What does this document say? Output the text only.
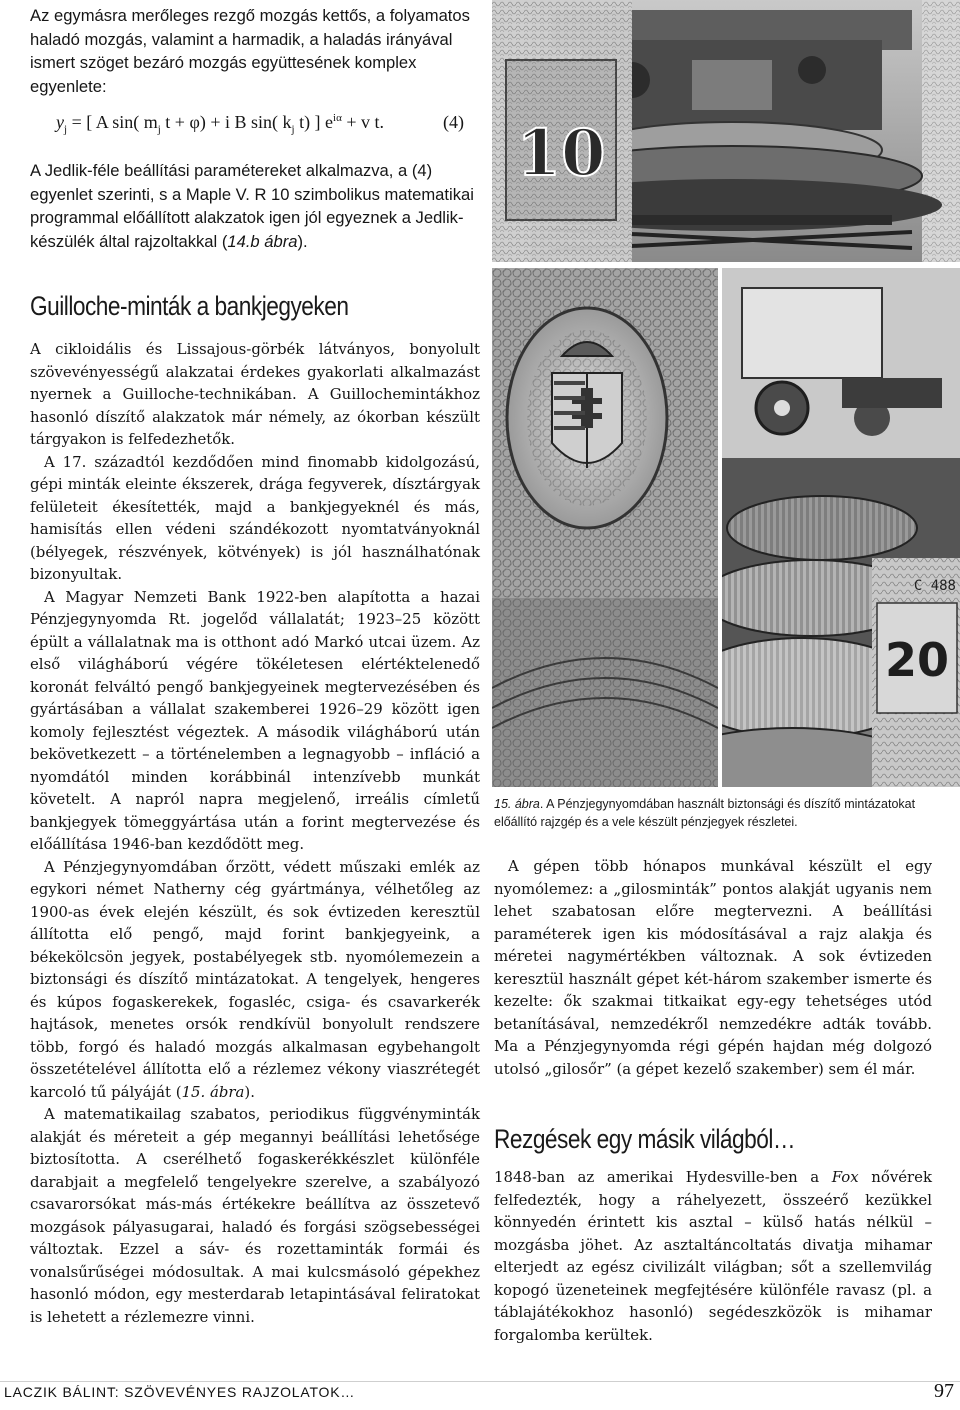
Az egymásra merőleges rezgő mozgás kettős, a folyamatos haladó mozgás, valamint a harmadik, a haladás irányával ismert szöget bezáró mozgás együttesének komplex egyenlete:

$y_j$ = [ A sin( $m_j$ t + φ) + i B sin( $k_j$ t) ] $e^{i\alpha} + v$ t.	(4)

A Jedlik-féle beállítási paramétereket alkalmazva, a (4) egyenlet szerinti, s a Maple V. R 10 szimbolikus matematikai programmal előállított alakzatok igen jól egyeznek a Jedlik-készülék által rajzoltakkal (14.b ábra).

Guilloche-minták a bankjegyeken

A cikloidális és Lissajous-görbék látványos, bonyolult szövevényességű alakzatai érdekes gyakorlati alkalmazást nyernek a Guilloche-technikában. A Guillochemintákhoz hasonló díszítő alakzatok már némely, az ókorban készült tárgyakon is felfedezhetők.

A 17. századtól kezdődően mind finomabb kidolgozású, gépi minták eleinte ékszerek, drága fegyverek, dísztárgyak felületeit ékesítették, majd a bankjegyeknél és más, hamisítás ellen védeni szándékozott nyomtatványoknál (bélyegek, részvények, kötvények) is jól használhatónak bizonyultak.

A Magyar Nemzeti Bank 1922-ben alapította a hazai Pénzjegynyomda Rt. jogelőd vállalatát; 1923–25 között épült a vállalatnak ma is otthont adó Markó utcai üzem. Az első világháború végére tökéletesen elértéktelenedő koronát felváltó pengő bankjegyeinek megtervezésében és gyártásában a vállalat szakemberei 1926–29 között igen komoly fejlesztést végeztek. A második világháború után bekövetkezett – a történelemben a legnagyobb – infláció a nyomdától minden korábbinál intenzívebb munkát követelt. A napról napra megjelenő, irreális címletű bankjegyek tömeggyártása után a forint megtervezése és előállítása 1946-ban kezdődött meg.

A Pénzjegynyomdában őrzött, védett műszaki emlék az egykori német Natherny cég gyártmánya, vélhetőleg az 1900-as évek elején készült, és sok évtizeden keresztül állította elő pengő, majd forint bankjegyeink, a békekölcsön jegyek, postabélyegek stb. nyomólemezein a biztonsági és díszítő mintázatokat. A tengelyek, hengeres és kúpos fogaskerekek, fogasléc, csiga- és csavarkerék hajtások, menetes orsók rendkívül bonyolult rendszere több, forgó és haladó mozgás alkalmasan egybehangolt összetételével állította elő a rézlemez vékony viaszrétegét karcoló tű pályáját (15. ábra).

A matematikailag szabatos, periodikus függvényminták alakját és méreteit a gép megannyi beállítási lehetősége biztosította. A cserélhető fogaskerékkészlet különféle darabjait a megfelelő tengelyekre szerelve, a szabályozó csavarorsókat más-más értékekre beállítva az összetevő mozgások pályasugarai, haladó és forgási szögsebességei változtak. Ezzel a sáv- és rozettaminták formái és vonalsűrűségei módosultak. A mai kulcsmásoló gépekhez hasonló módon, egy mesterdarab letapintásával feliratokat is lehetett a rézlemezre vinni.

10
C 488
20
15. ábra. A Pénzjegynyomdában használt biztonsági és díszítő mintázatokat előállító rajzgép és a vele készült pénzjegyek részletei.

A gépen több hónapos munkával készült el egy nyomólemez: a „gilosminták” pontos alakját ugyanis nem lehet szabatosan előre megtervezni. A beállítási paraméterek igen kis módosításával a rajz alakja és méretei nagymértékben változnak. A sok évtizeden keresztül használt gépet két-három szakember ismerte és kezelte: ők szakmai titkaikat egy-egy tehetséges utód betanításával, nemzedékről nemzedékre adták tovább. Ma a Pénzjegynyomda régi gépén hajdan még dolgozó utolsó „gilosőr” (a gépet kezelő szakember) sem él már.

Rezgések egy másik világból…

1848-ban az amerikai Hydesville-ben a Fox nővérek felfedezték, hogy a ráhelyezett, összeérő kezükkel könnyedén érintett kis asztal – külső hatás nélkül – mozgásba jöhet. Az asztaltáncoltatás divatja mihamar elterjedt az egész civilizált világban; sőt a szellemvilág kopogó üzeneteinek megfejtésére különféle ravasz (pl. a táblajátékokhoz hasonló) segédeszközök is mihamar forgalomba kerültek.

LACZIK BÁLINT: SZÖVEVÉNYES RAJZOLATOK…	97
